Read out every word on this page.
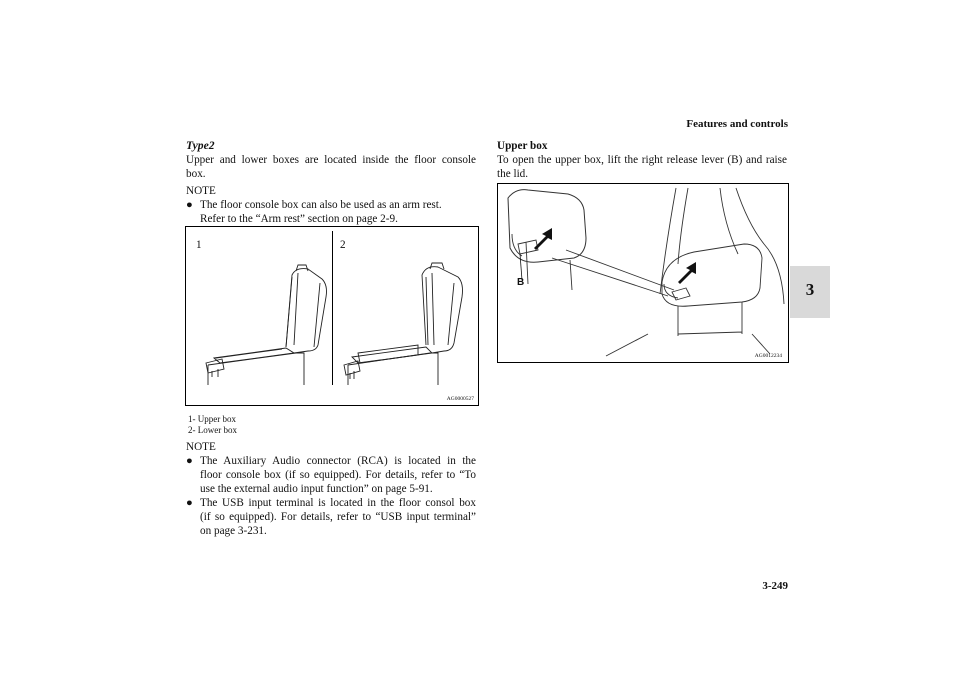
Features and controls
3-249
3
Type2
Upper and lower boxes are located inside the floor console
box.
NOTE
● The floor console box can also be used as an arm rest.
Refer to the “Arm rest” section on page 2-9.
1	2
AG0000527
1- Upper box
2- Lower box
NOTE
● The Auxiliary Audio connector (RCA) is located in the
floor console box (if so equipped). For details, refer to “To
use the external audio input function” on page 5-91.
● The USB input terminal is located in the floor consol box
(if so equipped). For details, refer to “USB input terminal”
on page 3-231.
Upper box
To open the upper box, lift the right release lever (B) and raise
the lid.
B
AG0012234
